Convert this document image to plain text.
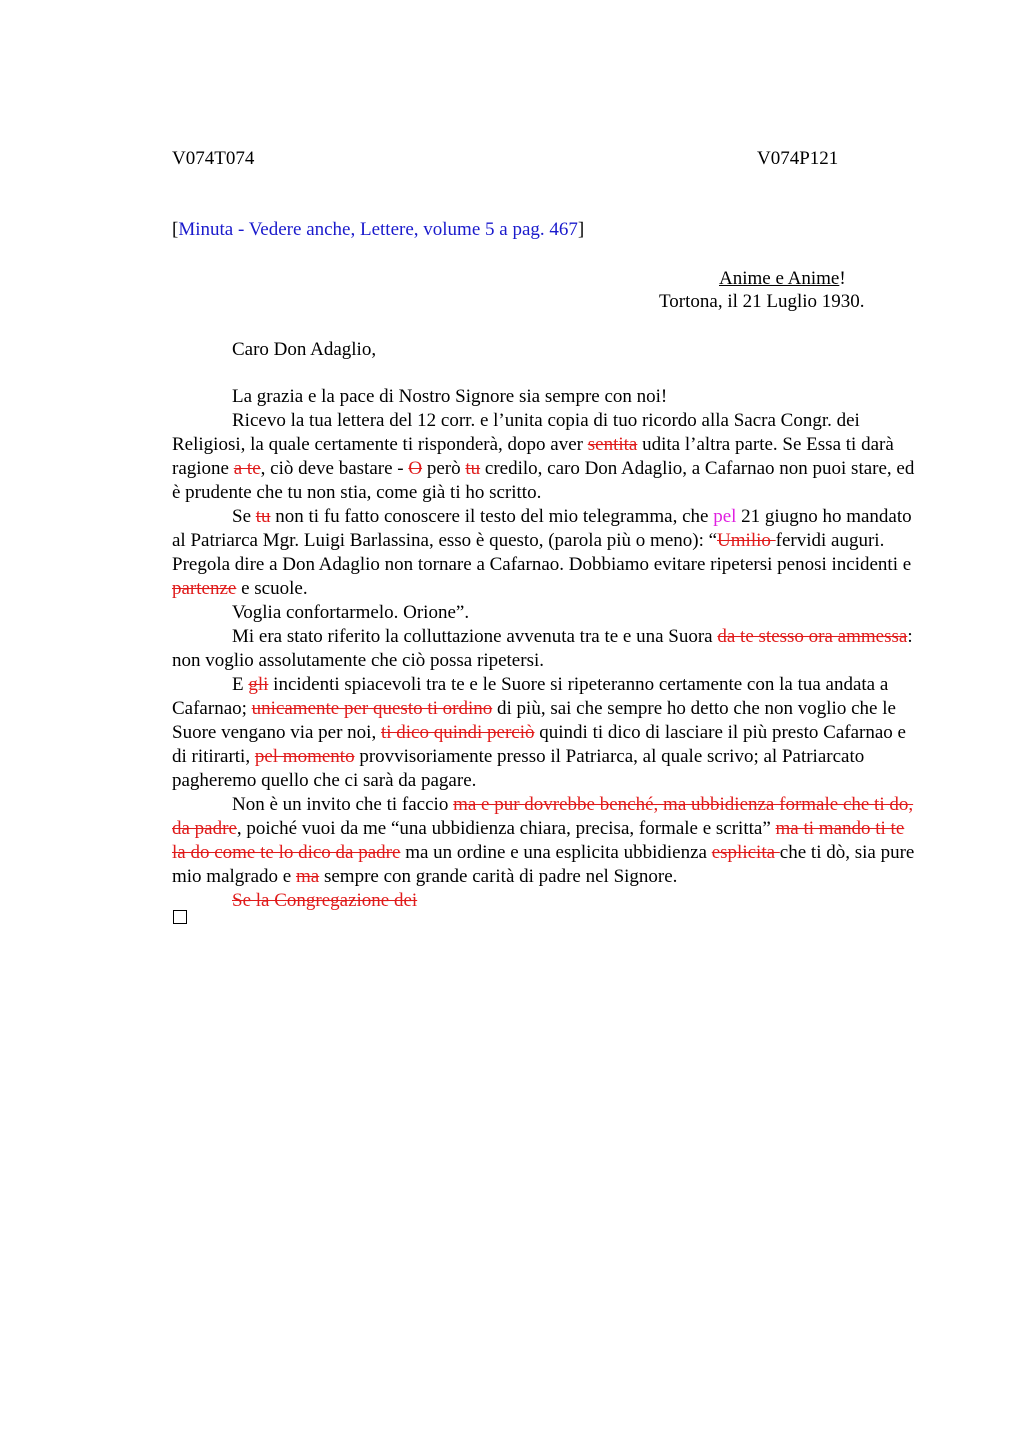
V074T074	V074P121
[Minuta - Vedere anche, Lettere, volume 5 a pag. 467]
Anime e Anime!
Tortona, il 21 Luglio 1930.
Caro Don Adaglio,

La grazia e la pace di Nostro Signore sia sempre con noi!

Ricevo la tua lettera del 12 corr. e l’unita copia di tuo ricordo alla Sacra Congr. dei Religiosi, la quale certamente ti risponderà, dopo aver sentita udita l’altra parte. Se Essa ti darà ragione a te, ciò deve bastare - O però tu credilo, caro Don Adaglio, a Cafarnao non puoi stare, ed è prudente che tu non stia, come già ti ho scritto.

Se tu non ti fu fatto conoscere il testo del mio telegramma, che pel 21 giugno ho mandato al Patriarca Mgr. Luigi Barlassina, esso è questo, (parola più o meno): “Umilio fervidi auguri. Pregola dire a Don Adaglio non tornare a Cafarnao. Dobbiamo evitare ripetersi penosi incidenti e partenze e scuole.

Voglia confortarmelo. Orione”.

Mi era stato riferito la colluttazione avvenuta tra te e una Suora da te stesso ora ammessa: non voglio assolutamente che ciò possa ripetersi.

E gli incidenti spiacevoli tra te e le Suore si ripeteranno certamente con la tua andata a Cafarnao; unicamente per questo ti ordino di più, sai che sempre ho detto che non voglio che le Suore vengano via per noi, ti dico quindi perciò quindi ti dico di lasciare il più presto Cafarnao e di ritirarti, pel momento provvisoriamente presso il Patriarca, al quale scrivo; al Patriarcato pagheremo quello che ci sarà da pagare.

Non è un invito che ti faccio ma e pur dovrebbe benché, ma ubbidienza formale che ti do, da padre, poiché vuoi da me “una ubbidienza chiara, precisa, formale e scritta” ma ti mando ti te la do come te lo dico da padre ma un ordine e una esplicita ubbidienza esplicita che ti dò, sia pure mio malgrado e ma sempre con grande carità di padre nel Signore.

Se la Congregazione dei
